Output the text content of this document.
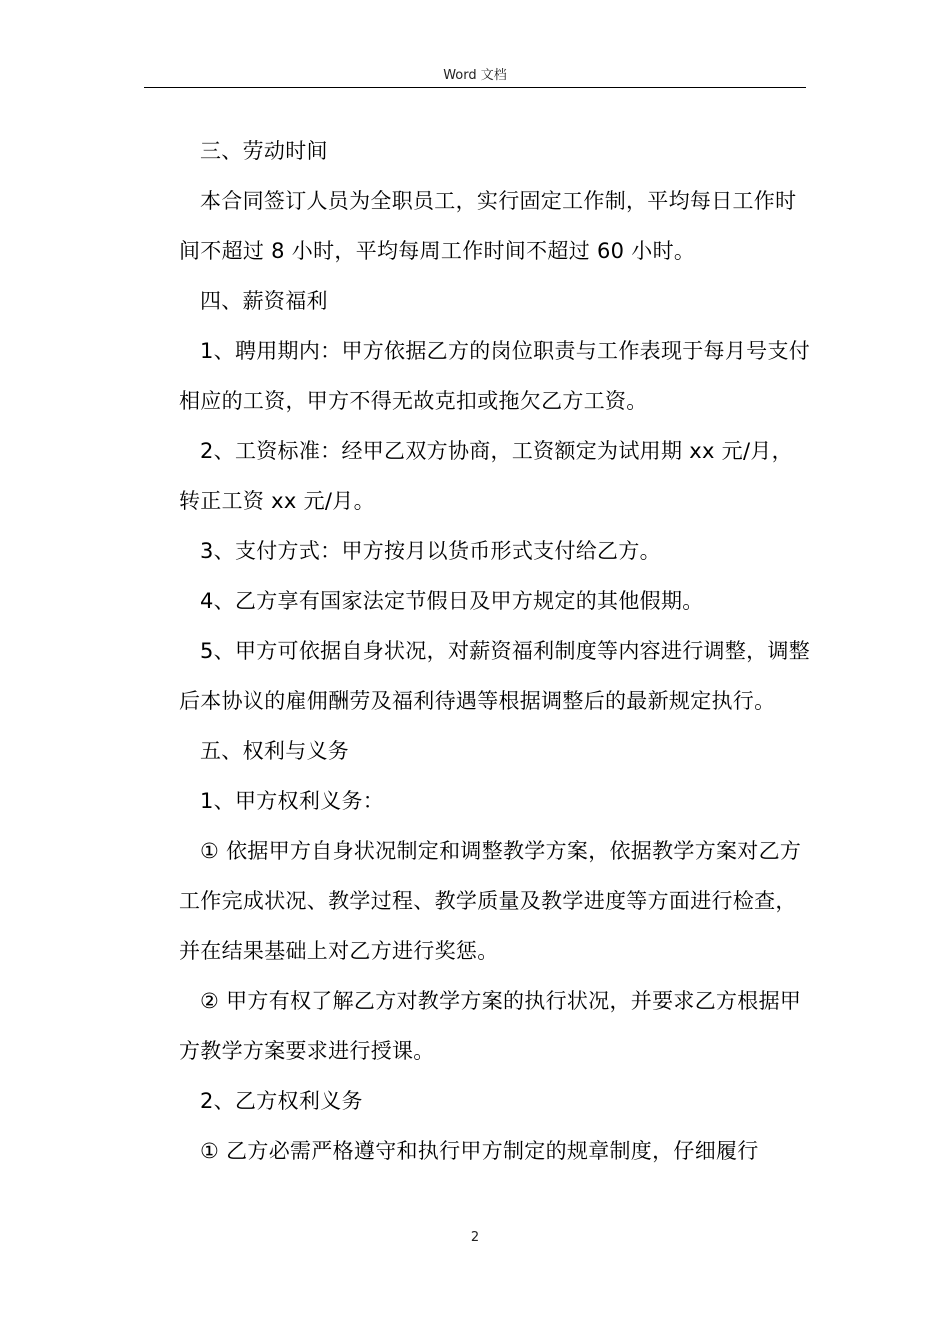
Word 文档

三、劳动时间

本合同签订人员为全职员工，实行固定工作制，平均每日工作时间不超过 8 小时，平均每周工作时间不超过 60 小时。

四、薪资福利

1、聘用期内：甲方依据乙方的岗位职责与工作表现于每月号支付相应的工资，甲方不得无故克扣或拖欠乙方工资。

2、工资标准：经甲乙双方协商，工资额定为试用期 xx 元/月，转正工资 xx 元/月。

3、支付方式：甲方按月以货币形式支付给乙方。

4、乙方享有国家法定节假日及甲方规定的其他假期。

5、甲方可依据自身状况，对薪资福利制度等内容进行调整，调整后本协议的雇佣酬劳及福利待遇等根据调整后的最新规定执行。

五、权利与义务

1、甲方权利义务：

① 依据甲方自身状况制定和调整教学方案，依据教学方案对乙方工作完成状况、教学过程、教学质量及教学进度等方面进行检查，并在结果基础上对乙方进行奖惩。

② 甲方有权了解乙方对教学方案的执行状况，并要求乙方根据甲方教学方案要求进行授课。

2、乙方权利义务

① 乙方必需严格遵守和执行甲方制定的规章制度，仔细履行

2
